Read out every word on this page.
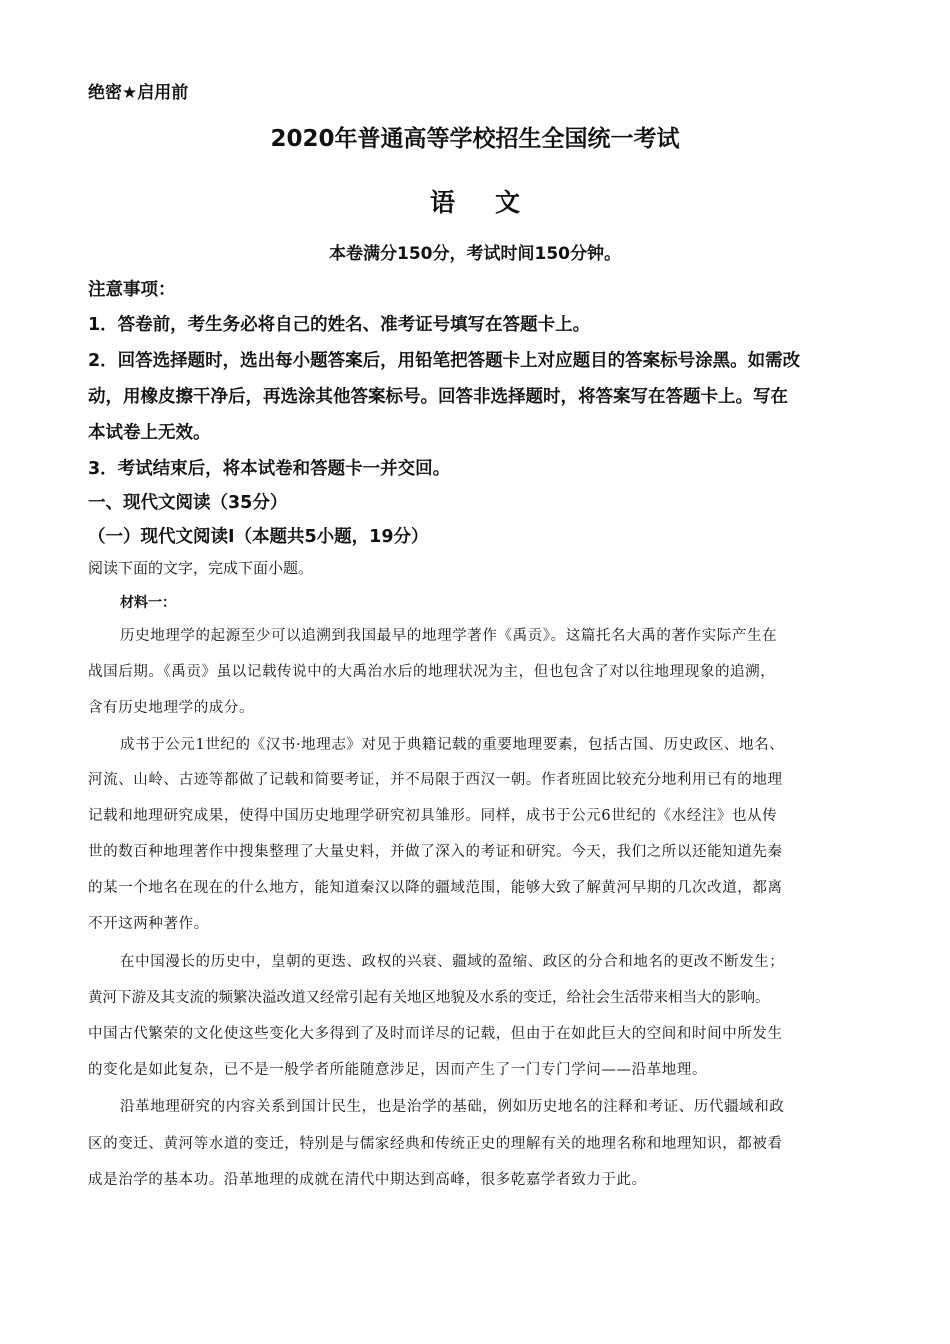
绝密★启用前
2020年普通高等学校招生全国统一考试
语文
本卷满分150分，考试时间150分钟。
注意事项：
1．答卷前，考生务必将自己的姓名、准考证号填写在答题卡上。
2．回答选择题时，选出每小题答案后，用铅笔把答题卡上对应题目的答案标号涂黑。如需改
动，用橡皮擦干净后，再选涂其他答案标号。回答非选择题时，将答案写在答题卡上。写在
本试卷上无效。
3．考试结束后，将本试卷和答题卡一并交回。
一、现代文阅读（35分）
（一）现代文阅读Ⅰ（本题共5小题，19分）
阅读下面的文字，完成下面小题。
材料一：
历史地理学的起源至少可以追溯到我国最早的地理学著作《禹贡》。这篇托名大禹的著作实际产生在
战国后期。《禹贡》虽以记载传说中的大禹治水后的地理状况为主，但也包含了对以往地理现象的追溯，
含有历史地理学的成分。
成书于公元1世纪的《汉书·地理志》对见于典籍记载的重要地理要素，包括古国、历史政区、地名、
河流、山岭、古迹等都做了记载和简要考证，并不局限于西汉一朝。作者班固比较充分地利用已有的地理
记载和地理研究成果，使得中国历史地理学研究初具雏形。同样，成书于公元6世纪的《水经注》也从传
世的数百种地理著作中搜集整理了大量史料，并做了深入的考证和研究。今天，我们之所以还能知道先秦
的某一个地名在现在的什么地方，能知道秦汉以降的疆域范围，能够大致了解黄河早期的几次改道，都离
不开这两种著作。
在中国漫长的历史中，皇朝的更迭、政权的兴衰、疆域的盈缩、政区的分合和地名的更改不断发生；
黄河下游及其支流的频繁决溢改道又经常引起有关地区地貌及水系的变迁，给社会生活带来相当大的影响。
中国古代繁荣的文化使这些变化大多得到了及时而详尽的记载，但由于在如此巨大的空间和时间中所发生
的变化是如此复杂，已不是一般学者所能随意涉足，因而产生了一门专门学问——沿革地理。
沿革地理研究的内容关系到国计民生，也是治学的基础，例如历史地名的注释和考证、历代疆域和政
区的变迁、黄河等水道的变迁，特别是与儒家经典和传统正史的理解有关的地理名称和地理知识，都被看
成是治学的基本功。沿革地理的成就在清代中期达到高峰，很多乾嘉学者致力于此。
